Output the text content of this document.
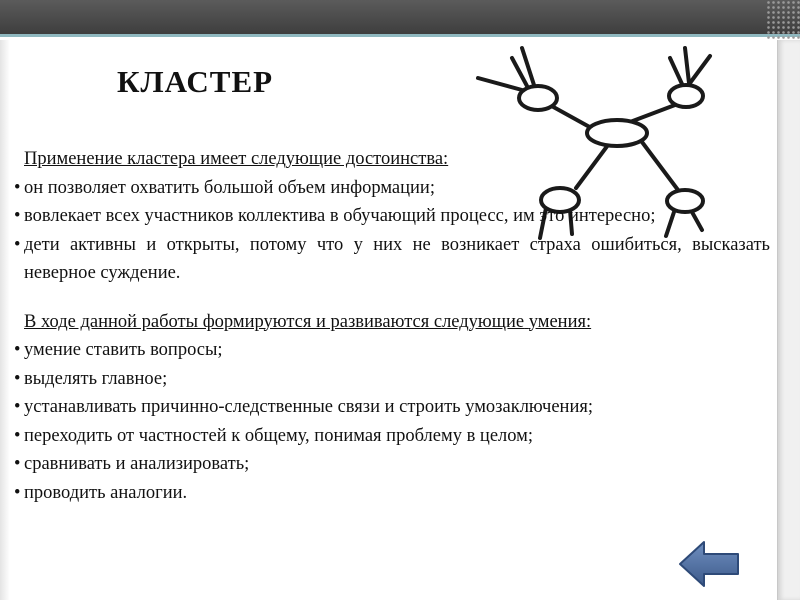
КЛАСТЕР
Применение кластера имеет следующие достоинства:
• он позволяет охватить большой объем информации;
• вовлекает всех участников коллектива в обучающий процесс, им это интересно;
• дети активны и открыты, потому что у них не возникает страха ошибиться, высказать неверное суждение.
В ходе данной работы формируются и развиваются следующие умения:
• умение ставить вопросы;
• выделять главное;
• устанавливать причинно-следственные связи и строить умозаключения;
• переходить от частностей к общему, понимая проблему в целом;
• сравнивать и анализировать;
• проводить аналогии.
